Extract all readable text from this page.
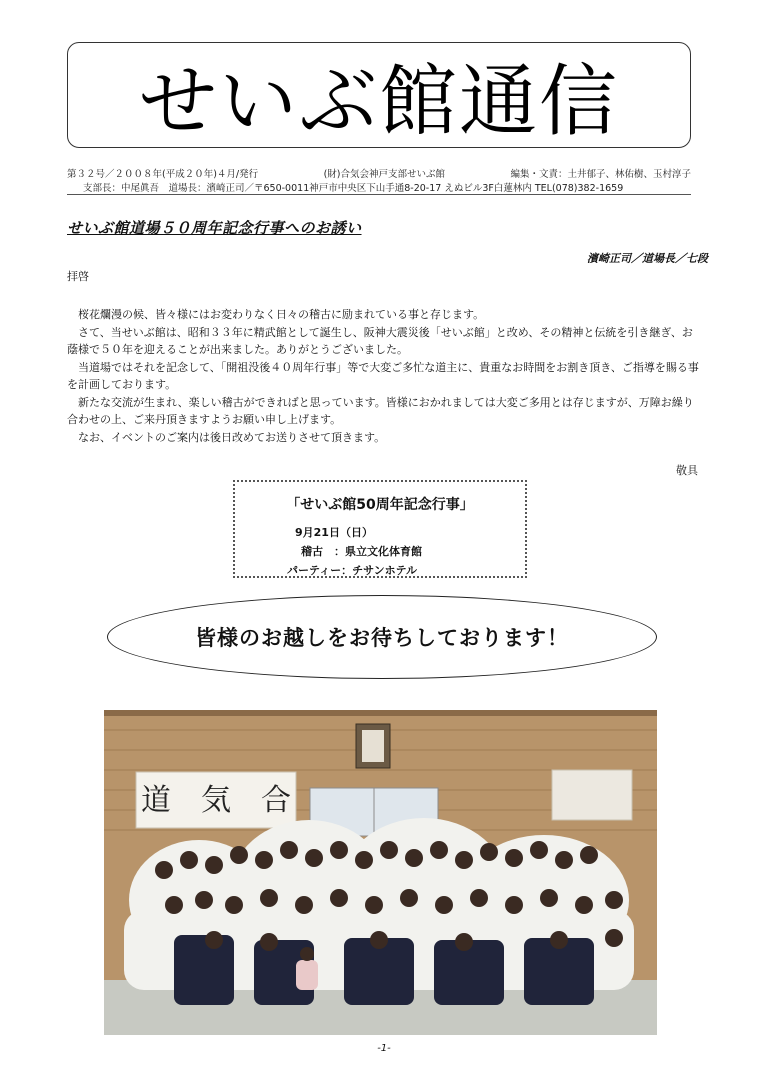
せいぶ館通信
第３２号／２００８年(平成２０年)４月/発行	(財)合気会神戸支部せいぶ館	編集・文責：土井郁子、林佑樹、玉村淳子
支部長：中尾眞吾　道場長：濱崎正司／〒650-0011神戸市中央区下山手通8-20-17 えぬビル3F白蓮林内 TEL(078)382-1659
せいぶ館道場５０周年記念行事へのお誘い
濱崎正司／道場長／七段
拝啓

　桜花爛漫の候、皆々様にはお変わりなく日々の稽古に励まれている事と存じます。

　さて、当せいぶ館は、昭和３３年に精武館として誕生し、阪神大震災後「せいぶ館」と改め、その精神と伝統を引き継ぎ、お蔭様で５０年を迎えることが出来ました。ありがとうございました。

　当道場ではそれを記念して、「開祖没後４０周年行事」等で大変ご多忙な道主に、貴重なお時間をお割き頂き、ご指導を賜る事を計画しております。

　新たな交流が生まれ、楽しい稽古ができればと思っています。皆様におかれましては大変ご多用とは存じますが、万障お繰り合わせの上、ご来丹頂きますようお願い申し上げます。

　なお、イベントのご案内は後日改めてお送りさせて頂きます。

敬具
「せいぶ館50周年記念行事」
9月21日（日）
稽古　：県立文化体育館
パーティー：チサンホテル
皆様のお越しをお待ちしております！
道　気　合
-1-
